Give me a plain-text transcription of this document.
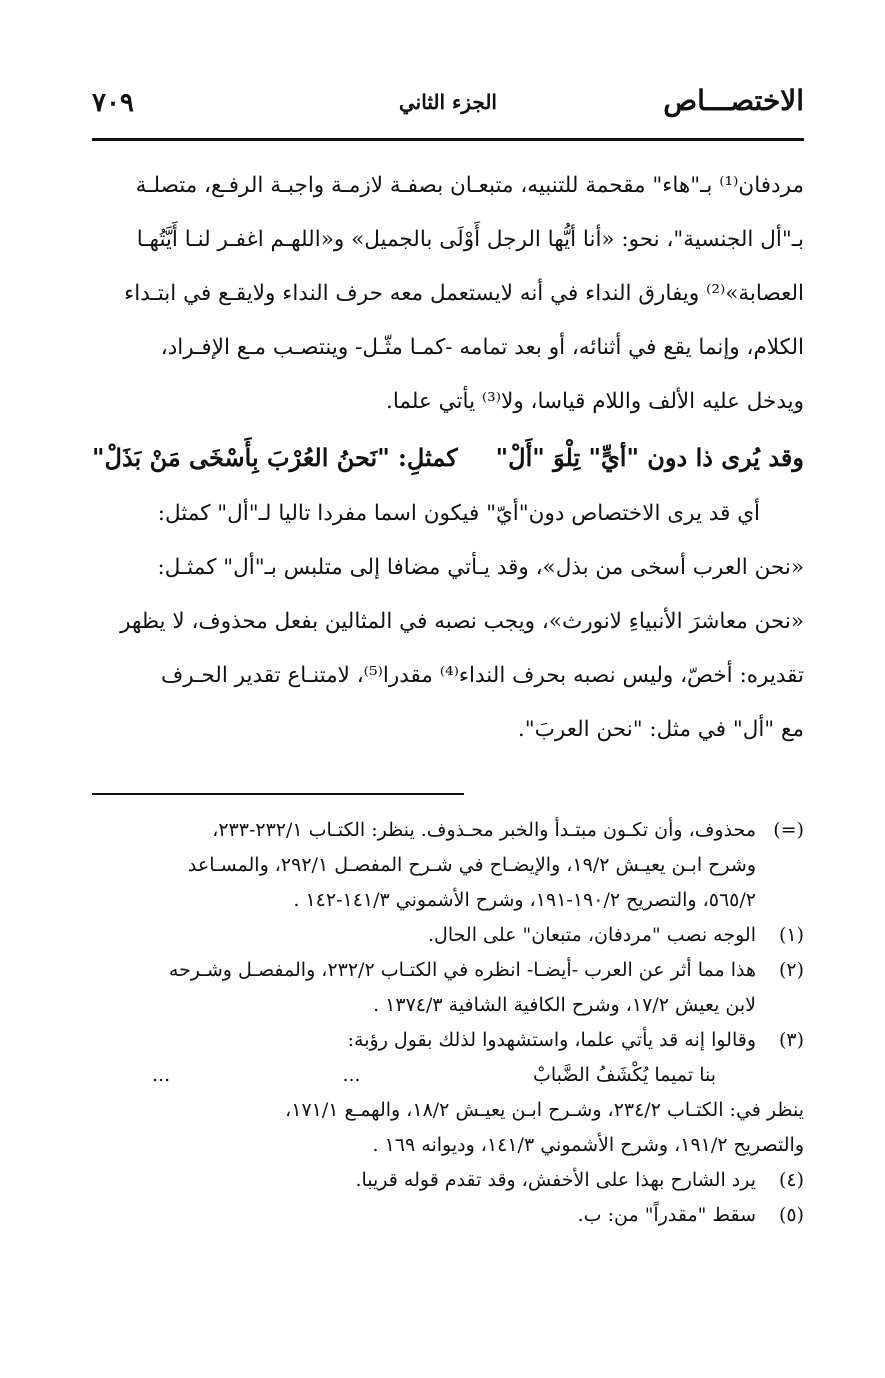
الاختصـــاص
الجزء الثاني
٧٠٩

مردفان⁽¹⁾ بـ"هاء" مقحمة للتنبيه، متبعـان بصفـة لازمـة واجبـة الرفـع، متصلـة

بـ"أل الجنسية"، نحو: «أنا أيُّها الرجل أَوْلَى بالجميل» و«اللهـم اغفـر لنـا أَيَّتُهـا

العصابة»⁽²⁾ ويفارق النداء في أنه لايستعمل معه حرف النداء ولايقـع في ابتـداء

الكلام، وإنما يقع في أثنائه، أو بعد تمامه -كمـا مثّـل- وينتصـب مـع الإفـراد،

ويدخل عليه الألف واللام قياسا، ولا⁽³⁾ يأتي علما.

وقد يُرى ذا دون "أيٍّ" تِلْوَ "أَلْ"
كمثلِ: "نَحنُ العُرْبَ بِأَسْخَى مَنْ بَذَلْ"

أي قد يرى الاختصاص دون"أيّ" فيكون اسما مفردا تاليا لـ"أل" كمثل:

«نحن العرب أسخى من بذل»، وقد يـأتي مضافا إلى متلبس بـ"أل" كمثـل:

«نحن معاشرَ الأنبياءِ لانورث»، ويجب نصبه في المثالين بفعل محذوف، لا يظهر

تقديره: أخصّ، وليس نصبه بحرف النداء⁽⁴⁾ مقدرا⁽⁵⁾، لامتنـاع تقدير الحـرف

مع "أل" في مثل: "نحن العربَ".

(=)

محذوف، وأن تكـون مبتـدأ والخبر محـذوف. ينظر: الكتـاب ٢٣٢/١-٢٣٣،

وشرح ابـن يعيـش ١٩/٢، والإيضـاح في شـرح المفصـل ٢٩٢/١، والمسـاعد

٥٦٥/٢، والتصريح ١٩٠/٢-١٩١، وشرح الأشموني ١٤١/٣-١٤٢ .

(١)

الوجه نصب "مردفان، متبعان" على الحال.

(٢)

هذا مما أثر عن العرب -أيضـا- انظره في الكتـاب ٢٣٢/٢، والمفصـل وشـرحه

لابن يعيش ١٧/٢، وشرح الكافية الشافية ١٣٧٤/٣ .

(٣)

وقالوا إنه قد يأتي علما، واستشهدوا لذلك بقول رؤبة:

بنا تميما يُكْشَفُ الضَّبابْ
...
...

ينظر في: الكتـاب ٢٣٤/٢، وشـرح ابـن يعيـش ١٨/٢، والهمـع ١٧١/١،

والتصريح ١٩١/٢، وشرح الأشموني ١٤١/٣، وديوانه ١٦٩ .

(٤)

يرد الشارح بهذا على الأخفش، وقد تقدم قوله قريبا.

(٥)

سقط "مقدراً" من: ب.
